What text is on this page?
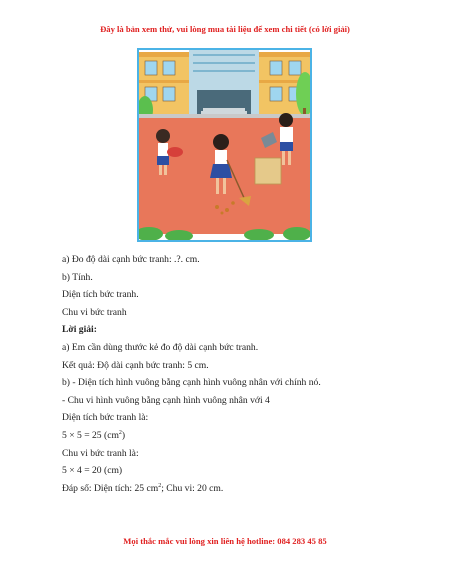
Đây là bản xem thử, vui lòng mua tài liệu để xem chi tiết (có lời giải)

a) Đo độ dài cạnh bức tranh: .?. cm.

b) Tính.

Diện tích bức tranh.

Chu vi bức tranh

Lời giải:

a) Em cần dùng thước kẻ đo độ dài cạnh bức tranh.

Kết quả: Độ dài cạnh bức tranh: 5 cm.

b) - Diện tích hình vuông bằng cạnh hình vuông nhân với chính nó.

- Chu vi hình vuông bằng cạnh hình vuông nhân với 4

Diện tích bức tranh là:

5 × 5 = 25 $(cm^2)$

Chu vi bức tranh là:

5 × 4 = 20 (cm)

Đáp số: Diện tích: 25 $cm^2$; Chu vi: 20 cm.

Mọi thắc mắc vui lòng xin liên hệ hotline: 084 283 45 85
